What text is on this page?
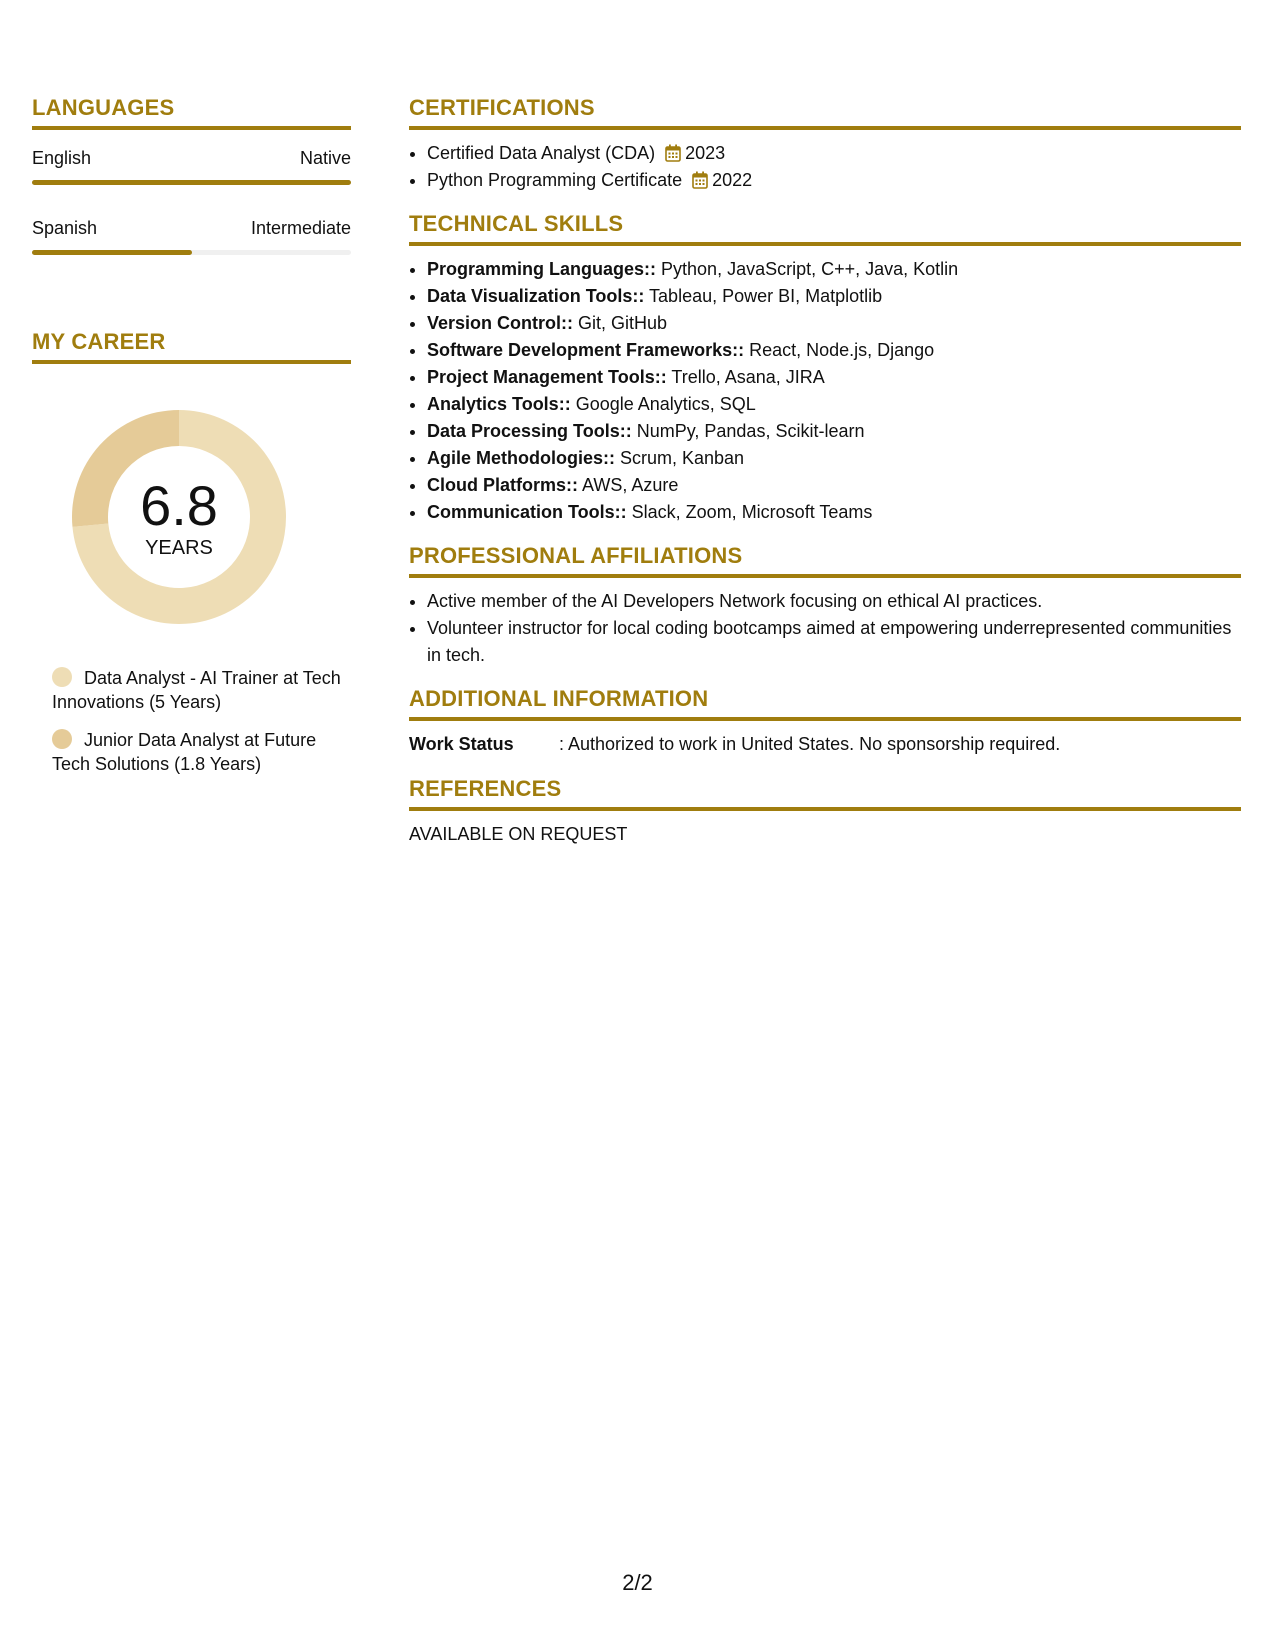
LANGUAGES
English	Native
Spanish	Intermediate
MY CAREER
6.8
YEARS
Data Analyst - AI Trainer at Tech Innovations (5 Years)
Junior Data Analyst at Future Tech Solutions (1.8 Years)
CERTIFICATIONS
• Certified Data Analyst (CDA) 2023
• Python Programming Certificate 2022
TECHNICAL SKILLS
• Programming Languages:: Python, JavaScript, C++, Java, Kotlin
• Data Visualization Tools:: Tableau, Power BI, Matplotlib
• Version Control:: Git, GitHub
• Software Development Frameworks:: React, Node.js, Django
• Project Management Tools:: Trello, Asana, JIRA
• Analytics Tools:: Google Analytics, SQL
• Data Processing Tools:: NumPy, Pandas, Scikit-learn
• Agile Methodologies:: Scrum, Kanban
• Cloud Platforms:: AWS, Azure
• Communication Tools:: Slack, Zoom, Microsoft Teams
PROFESSIONAL AFFILIATIONS
• Active member of the AI Developers Network focusing on ethical AI practices.
• Volunteer instructor for local coding bootcamps aimed at empowering underrepresented communities in tech.
ADDITIONAL INFORMATION
Work Status	: Authorized to work in United States. No sponsorship required.
REFERENCES
AVAILABLE ON REQUEST
2/2
